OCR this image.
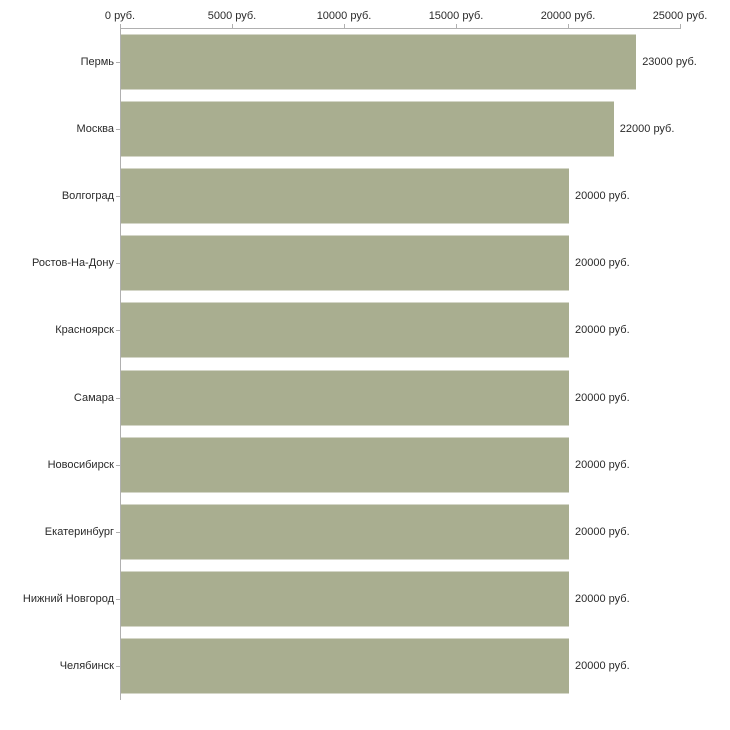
0 руб.	5000 руб.	10000 руб.	15000 руб.	20000 руб.	25000 руб.
Пермь	23000 руб.
Москва	22000 руб.
Волгоград	20000 руб.
Ростов-На-Дону	20000 руб.
Красноярск	20000 руб.
Самара	20000 руб.
Новосибирск	20000 руб.
Екатеринбург	20000 руб.
Нижний Новгород	20000 руб.
Челябинск	20000 руб.
